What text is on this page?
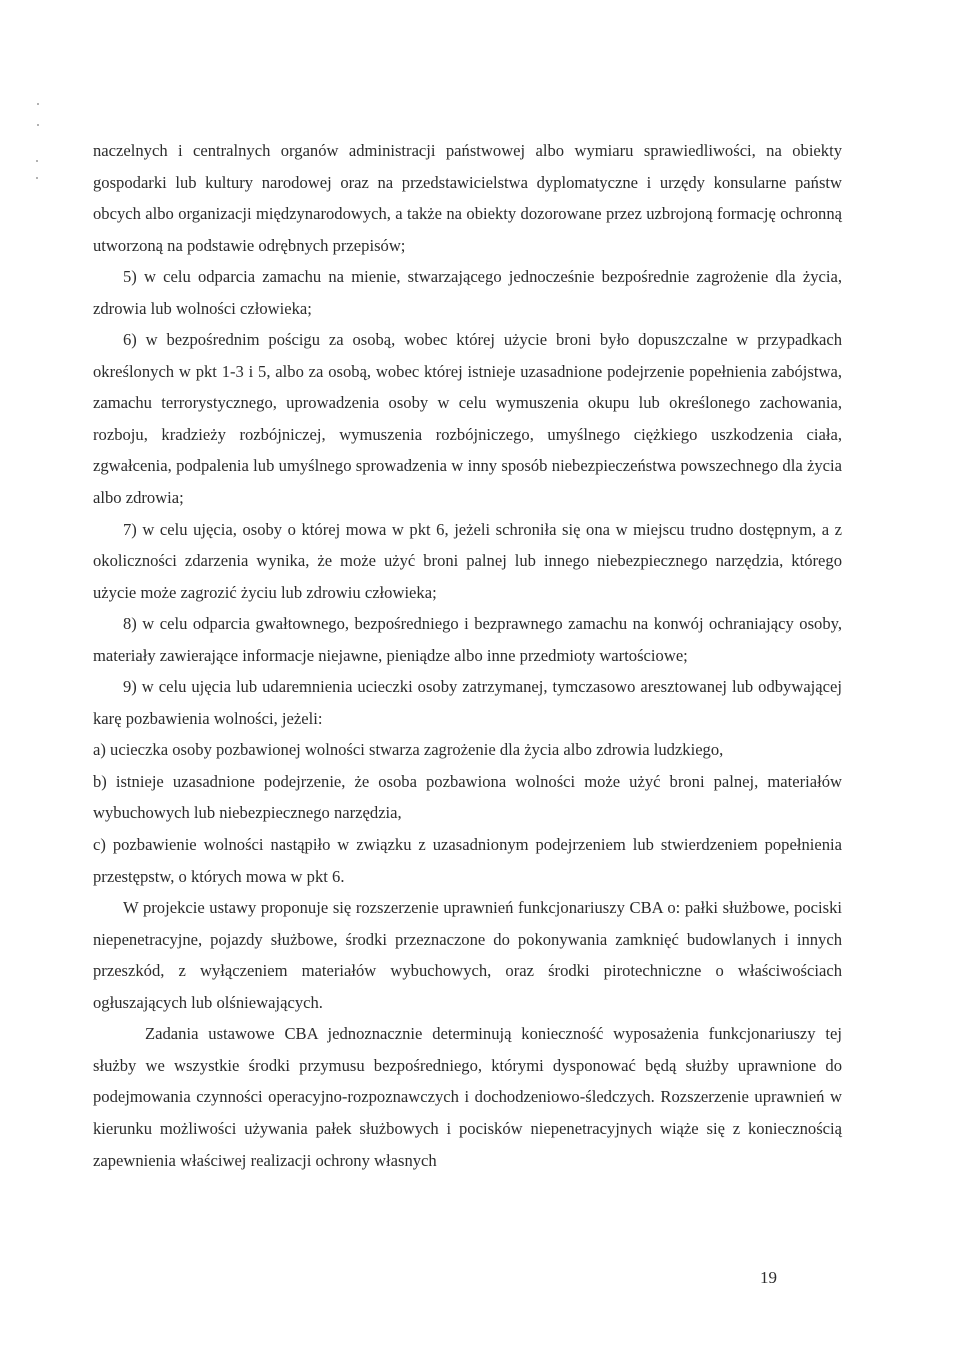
naczelnych i centralnych organów administracji państwowej albo wymiaru sprawiedliwości, na obiekty gospodarki lub kultury narodowej oraz na przedstawicielstwa dyplomatyczne i urzędy konsularne państw obcych albo organizacji międzynarodowych, a także na obiekty dozorowane przez uzbrojoną formację ochronną utworzoną na podstawie odrębnych przepisów;

5) w celu odparcia zamachu na mienie, stwarzającego jednocześnie bezpośrednie zagrożenie dla życia, zdrowia lub wolności człowieka;

6) w bezpośrednim pościgu za osobą, wobec której użycie broni było dopuszczalne w przypadkach określonych w pkt 1-3 i 5, albo za osobą, wobec której istnieje uzasadnione podejrzenie popełnienia zabójstwa, zamachu terrorystycznego, uprowadzenia osoby w celu wymuszenia okupu lub określonego zachowania, rozboju, kradzieży rozbójniczej, wymuszenia rozbójniczego, umyślnego ciężkiego uszkodzenia ciała, zgwałcenia, podpalenia lub umyślnego sprowadzenia w inny sposób niebezpieczeństwa powszechnego dla życia albo zdrowia;

7) w celu ujęcia, osoby o której mowa w pkt 6, jeżeli schroniła się ona w miejscu trudno dostępnym, a z okoliczności zdarzenia wynika, że może użyć broni palnej lub innego niebezpiecznego narzędzia, którego użycie może zagrozić życiu lub zdrowiu człowieka;

8) w celu odparcia gwałtownego, bezpośredniego i bezprawnego zamachu na konwój ochraniający osoby, materiały zawierające informacje niejawne, pieniądze albo inne przedmioty wartościowe;

9) w celu ujęcia lub udaremnienia ucieczki osoby zatrzymanej, tymczasowo aresztowanej lub odbywającej karę pozbawienia wolności, jeżeli:

a) ucieczka osoby pozbawionej wolności stwarza zagrożenie dla życia albo zdrowia ludzkiego,

b) istnieje uzasadnione podejrzenie, że osoba pozbawiona wolności może użyć broni palnej, materiałów wybuchowych lub niebezpiecznego narzędzia,

c) pozbawienie wolności nastąpiło w związku z uzasadnionym podejrzeniem lub stwierdzeniem popełnienia przestępstw, o których mowa w pkt 6.

W projekcie ustawy proponuje się rozszerzenie uprawnień funkcjonariuszy CBA o: pałki służbowe, pociski niepenetracyjne, pojazdy służbowe, środki przeznaczone do pokonywania zamknięć budowlanych i innych przeszkód, z wyłączeniem materiałów wybuchowych, oraz środki pirotechniczne o właściwościach ogłuszających lub olśniewających.

Zadania ustawowe CBA jednoznacznie determinują konieczność wyposażenia funkcjonariuszy tej służby we wszystkie środki przymusu bezpośredniego, którymi dysponować będą służby uprawnione do podejmowania czynności operacyjno-rozpoznawczych i dochodzeniowo-śledczych. Rozszerzenie uprawnień w kierunku możliwości używania pałek służbowych i pocisków niepenetracyjnych wiąże się z koniecznością zapewnienia właściwej realizacji ochrony własnych

19
